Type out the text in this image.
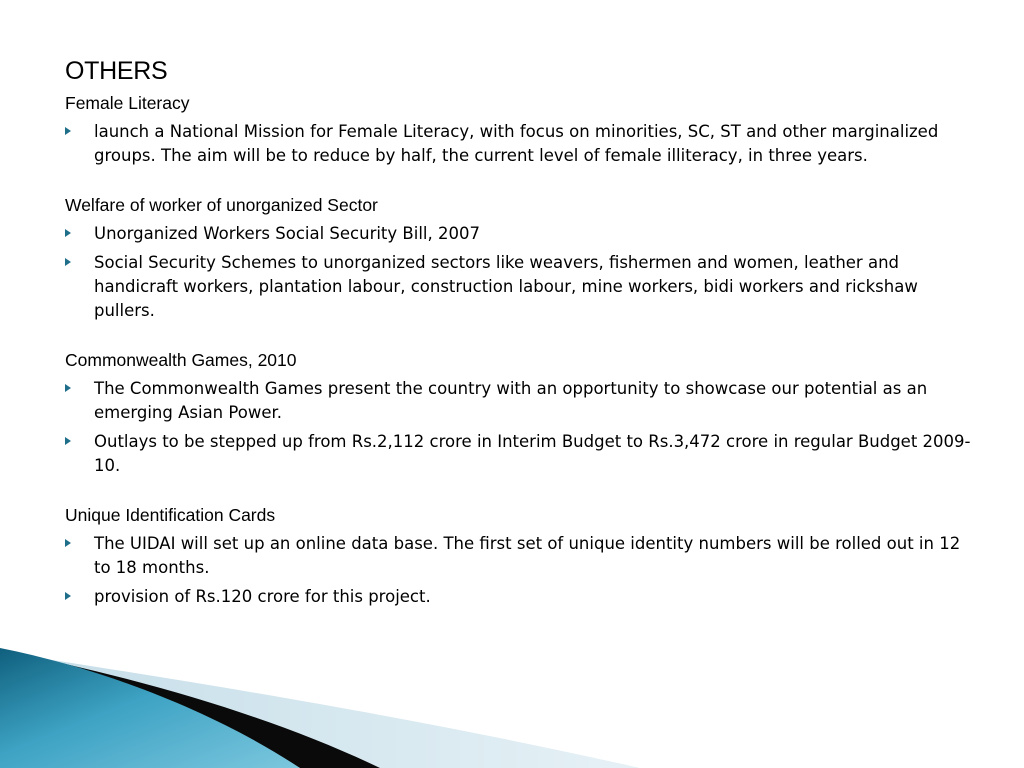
OTHERS
Female Literacy
launch a National Mission for Female Literacy, with focus on minorities, SC, ST and other marginalized groups. The aim will be to reduce by half, the current level of female illiteracy, in three years.
Welfare of worker of unorganized Sector
Unorganized Workers Social Security Bill, 2007
Social Security Schemes to unorganized sectors like weavers, fishermen and women, leather and handicraft workers, plantation labour, construction labour, mine workers, bidi workers and rickshaw pullers.
Commonwealth Games, 2010
The Commonwealth Games present the country with an opportunity to showcase our potential as an emerging Asian Power.
Outlays to be stepped up from Rs.2,112 crore in Interim Budget to Rs.3,472 crore in regular Budget 2009-10.
Unique Identification Cards
The UIDAI will set up an online data base. The first set of unique identity numbers will be rolled out in 12 to 18 months.
provision of Rs.120 crore for this project.
